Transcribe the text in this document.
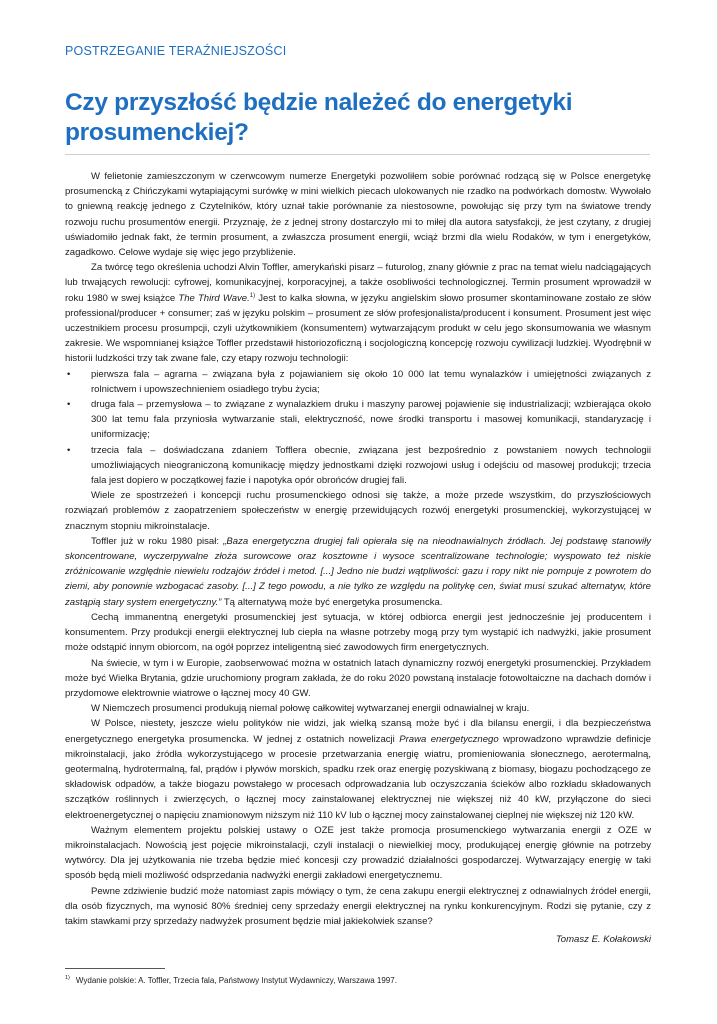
POSTRZEGANIE TERAŹNIEJSZOŚCI
Czy przyszłość będzie należeć do energetyki prosumenckiej?

W felietonie zamieszczonym w czerwcowym numerze Energetyki pozwoliłem sobie porównać rodzącą się w Polsce energetykę prosumencką z Chińczykami wytapiającymi surówkę w mini wielkich piecach ulokowanych nie rzadko na podwórkach domostw. Wywołało to gniewną reakcję jednego z Czytelników, który uznał takie porównanie za niestosowne, powołując się przy tym na światowe trendy rozwoju ruchu prosumentów energii. Przyznaję, że z jednej strony dostarczyło mi to miłej dla autora satysfakcji, że jest czytany, z drugiej uświadomiło jednak fakt, że termin prosument, a zwłaszcza prosument energii, wciąż brzmi dla wielu Rodaków, w tym i energetyków, zagadkowo. Celowe wydaje się więc jego przybliżenie.

Za twórcę tego określenia uchodzi Alvin Toffler, amerykański pisarz – futurolog, znany głównie z prac na temat wielu nadciągających lub trwających rewolucji: cyfrowej, komunikacyjnej, korporacyjnej, a także osobliwości technologicznej. Termin prosument wprowadził w roku 1980 w swej książce The Third Wave.$^{1)}$ Jest to kalka słowna, w języku angielskim słowo prosumer skontaminowane zostało ze słów professional/producer + consumer; zaś w języku polskim – prosument ze słów profesjonalista/producent i konsument. Prosument jest więc uczestnikiem procesu prosumpcji, czyli użytkownikiem (konsumentem) wytwarzającym produkt w celu jego skonsumowania we własnym zakresie. We wspomnianej książce Toffler przedstawił historiozoficzną i socjologiczną koncepcję rozwoju cywilizacji ludzkiej. Wyodrębnił w historii ludzkości trzy tak zwane fale, czy etapy rozwoju technologii:

• pierwsza fala – agrarna – związana była z pojawianiem się około 10 000 lat temu wynalazków i umiejętności związanych z rolnictwem i upowszechnieniem osiadłego trybu życia;
• druga fala – przemysłowa – to związane z wynalazkiem druku i maszyny parowej pojawienie się industrializacji; wzbierająca około 300 lat temu fala przyniosła wytwarzanie stali, elektryczność, nowe środki transportu i masowej komunikacji, standaryzację i uniformizację;
• trzecia fala – doświadczana zdaniem Tofflera obecnie, związana jest bezpośrednio z powstaniem nowych technologii umożliwiających nieograniczoną komunikację między jednostkami dzięki rozwojowi usług i odejściu od masowej produkcji; trzecia fala jest dopiero w początkowej fazie i napotyka opór obrońców drugiej fali.

Wiele ze spostrzeżeń i koncepcji ruchu prosumenckiego odnosi się także, a może przede wszystkim, do przyszłościowych rozwiązań problemów z zaopatrzeniem społeczeństw w energię przewidujących rozwój energetyki prosumenckiej, wykorzystującej w znacznym stopniu mikroinstalacje.

Toffler już w roku 1980 pisał: „Baza energetyczna drugiej fali opierała się na nieodnawialnych źródłach. Jej podstawę stanowiły skoncentrowane, wyczerpywalne złoża surowcowe oraz kosztowne i wysoce scentralizowane technologie; wyspowato też niskie zróżnicowanie względnie niewielu rodzajów źródeł i metod. [...] Jedno nie budzi wątpliwości: gazu i ropy nikt nie pompuje z powrotem do ziemi, aby ponownie wzbogacać zasoby. [...] Z tego powodu, a nie tylko ze względu na politykę cen, świat musi szukać alternatyw, które zastąpią stary system energetyczny.” Tą alternatywą może być energetyka prosumencka.

Cechą immanentną energetyki prosumenckiej jest sytuacja, w której odbiorca energii jest jednocześnie jej producentem i konsumentem. Przy produkcji energii elektrycznej lub ciepła na własne potrzeby mogą przy tym wystąpić ich nadwyżki, jakie prosument może odstąpić innym obiorcom, na ogół poprzez inteligentną sieć zawodowych firm energetycznych.

Na świecie, w tym i w Europie, zaobserwować można w ostatnich latach dynamiczny rozwój energetyki prosumenckiej. Przykładem może być Wielka Brytania, gdzie uruchomiony program zakłada, że do roku 2020 powstaną instalacje fotowoltaiczne na dachach domów i przydomowe elektrownie wiatrowe o łącznej mocy 40 GW.

W Niemczech prosumenci produkują niemal połowę całkowitej wytwarzanej energii odnawialnej w kraju.

W Polsce, niestety, jeszcze wielu polityków nie widzi, jak wielką szansą może być i dla bilansu energii, i dla bezpieczeństwa energetycznego energetyka prosumencka. W jednej z ostatnich nowelizacji Prawa energetycznego wprowadzono wprawdzie definicje mikroinstalacji, jako źródła wykorzystującego w procesie przetwarzania energię wiatru, promieniowania słonecznego, aerotermalną, geotermalną, hydrotermalną, fal, prądów i pływów morskich, spadku rzek oraz energię pozyskiwaną z biomasy, biogazu pochodzącego ze składowisk odpadów, a także biogazu powstałego w procesach odprowadzania lub oczyszczania ścieków albo rozkładu składowanych szczątków roślinnych i zwierzęcych, o łącznej mocy zainstalowanej elektrycznej nie większej niż 40 kW, przyłączone do sieci elektroenergetycznej o napięciu znamionowym niższym niż 110 kV lub o łącznej mocy zainstalowanej cieplnej nie większej niż 120 kW.

Ważnym elementem projektu polskiej ustawy o OZE jest także promocja prosumenckiego wytwarzania energii z OZE w mikroinstalacjach. Nowością jest pojęcie mikroinstalacji, czyli instalacji o niewielkiej mocy, produkującej energię głównie na potrzeby wytwórcy. Dla jej użytkowania nie trzeba będzie mieć koncesji czy prowadzić działalności gospodarczej. Wytwarzający energię w taki sposób będą mieli możliwość odsprzedania nadwyżki energii zakładowi energetycznemu.

Pewne zdziwienie budzić może natomiast zapis mówiący o tym, że cena zakupu energii elektrycznej z odnawialnych źródeł energii, dla osób fizycznych, ma wynosić 80% średniej ceny sprzedaży energii elektrycznej na rynku konkurencyjnym. Rodzi się pytanie, czy z takim stawkami przy sprzedaży nadwyżek prosument będzie miał jakiekolwiek szanse?

Tomasz E. Kołakowski

$^{1)}$ Wydanie polskie: A. Toffler, Trzecia fala, Państwowy Instytut Wydawniczy, Warszawa 1997.
